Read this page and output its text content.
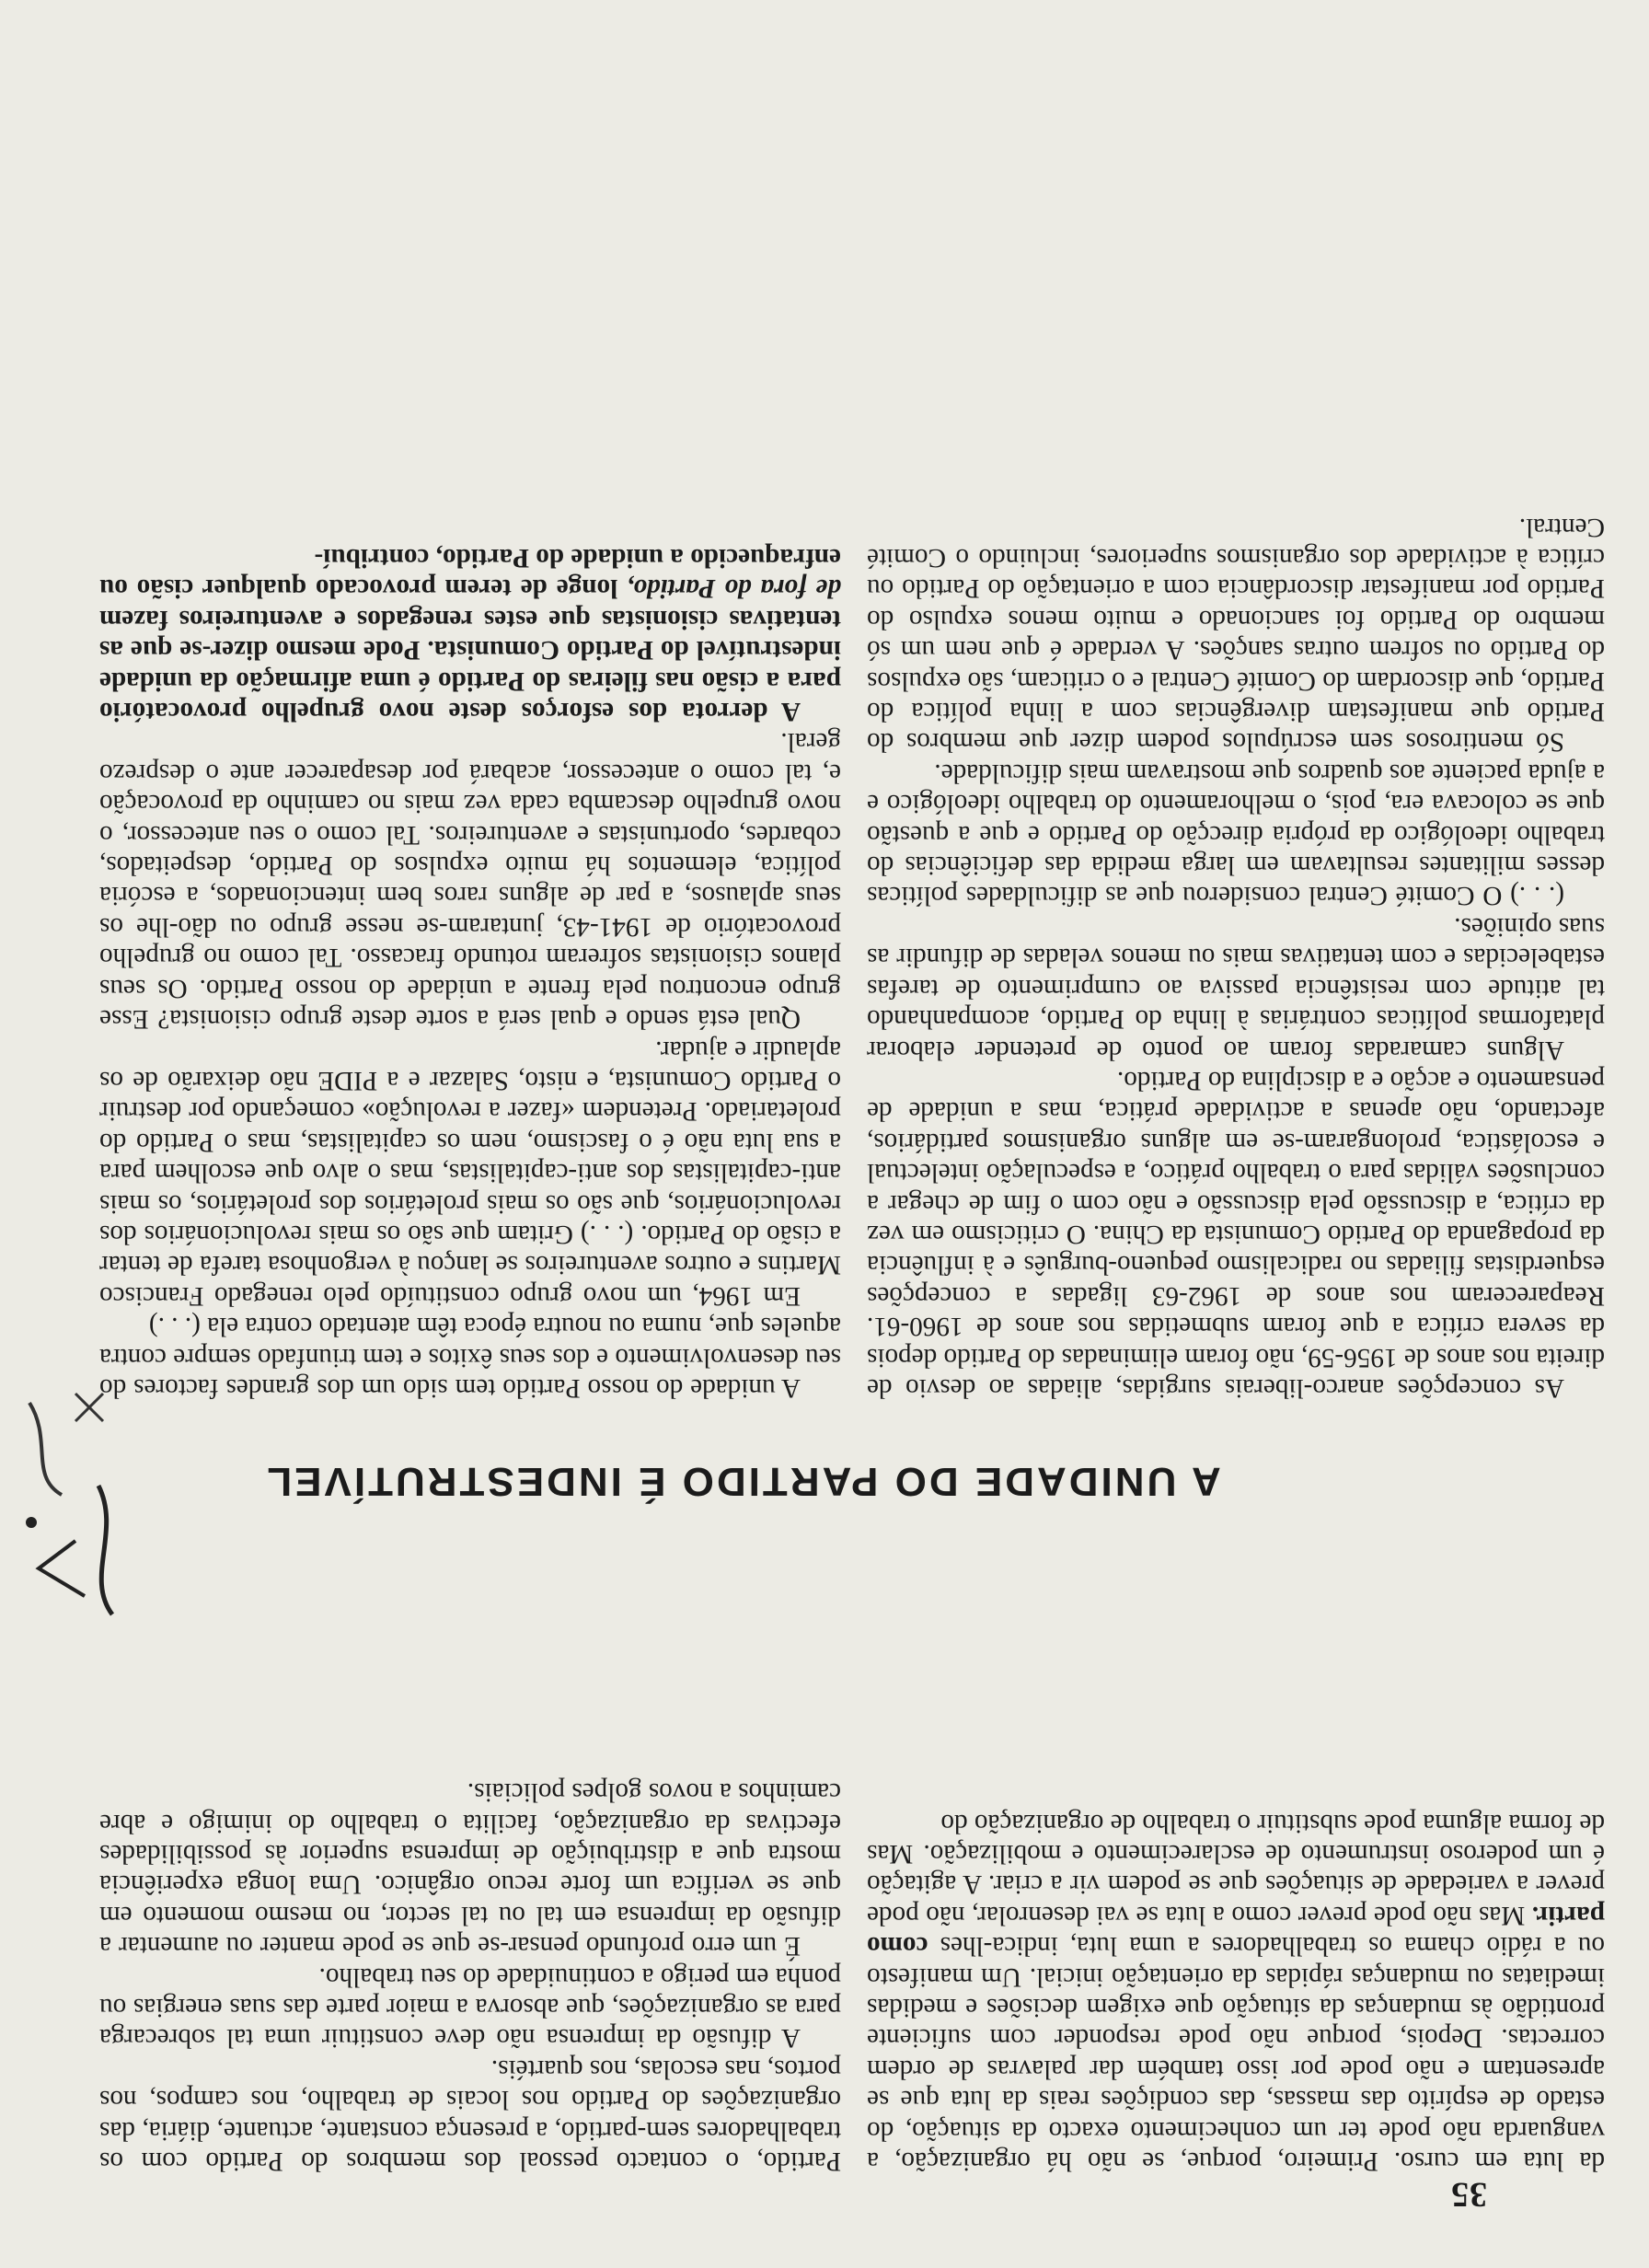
35

da luta em curso. Primeiro, porque, se não há organização, a vanguarda não pode ter um conhecimento exacto da situação, do estado de espírito das massas, das condições reais da luta que se apresentam e não pode por isso também dar palavras de ordem correctas. Depois, porque não pode responder com suficiente prontidão às mudanças da situação que exigem decisões e medidas imediatas ou mudanças rápidas da orientação inicial. Um manifesto ou a rádio chama os trabalhadores a uma luta, indica-lhes como partir. Mas não pode prever como a luta se vai desenrolar, não pode prever a variedade de situações que se podem vir a criar. A agitação é um poderoso instrumento de esclarecimento e mobilização. Mas de forma alguma pode substituir o trabalho de organização do

Partido, o contacto pessoal dos membros do Partido com os trabalhadores sem-partido, a presença constante, actuante, diária, das organizações do Partido nos locais de trabalho, nos campos, nos portos, nas escolas, nos quartéis.

A difusão da imprensa não deve constituir uma tal sobrecarga para as organizações, que absorva a maior parte das suas energias ou ponha em perigo a continuidade do seu trabalho.

É um erro profundo pensar-se que se pode manter ou aumentar a difusão da imprensa em tal ou tal sector, no mesmo momento em que se verifica um forte recuo orgânico. Uma longa experiência mostra que a distribuição de imprensa superior às possibilidades efectivas da organização, facilita o trabalho do inimigo e abre caminhos a novos golpes policiais.

A UNIDADE DO PARTIDO É INDESTRUTÍVEL

As concepções anarco-liberais surgidas, aliadas ao desvio de direita nos anos de 1956-59, não foram eliminadas do Partido depois da severa crítica a que foram submetidas nos anos de 1960-61. Reapareceram nos anos de 1962-63 ligadas a concepções esquerdistas filiadas no radicalismo pequeno-burguês e à influência da propaganda do Partido Comunista da China. O criticismo em vez da crítica, a discussão pela discussão e não com o fim de chegar a conclusões válidas para o trabalho prático, a especulação intelectual e escolástica, prolongaram-se em alguns organismos partidários, afectando, não apenas a actividade prática, mas a unidade de pensamento e acção e a disciplina do Partido.

Alguns camaradas foram ao ponto de pretender elaborar plataformas políticas contrárias à linha do Partido, acompanhando tal atitude com resistência passiva ao cumprimento de tarefas estabelecidas e com tentativas mais ou menos veladas de difundir as suas opiniões.

(. . .) O Comité Central considerou que as dificuldades políticas desses militantes resultavam em larga medida das deficiências do trabalho ideológico da própria direcção do Partido e que a questão que se colocava era, pois, o melhoramento do trabalho ideológico e a ajuda paciente aos quadros que mostravam mais dificuldade.

Só mentirosos sem escrúpulos podem dizer que membros do Partido que manifestam divergências com a linha política do Partido, que discordam do Comité Central e o criticam, são expulsos do Partido ou sofrem outras sanções. A verdade é que nem um só membro do Partido foi sancionado e muito menos expulso do Partido por manifestar discordância com a orientação do Partido ou crítica à actividade dos organismos superiores, incluindo o Comité Central.

A unidade do nosso Partido tem sido um dos grandes factores do seu desenvolvimento e dos seus êxitos e tem triunfado sempre contra aqueles que, numa ou noutra época têm atentado contra ela (. . .)

Em 1964, um novo grupo constituído pelo renegado Francisco Martins e outros aventureiros se lançou à vergonhosa tarefa de tentar a cisão do Partido. (. . .) Gritam que são os mais revolucionários dos revolucionários, que são os mais proletários dos proletários, os mais anti-capitalistas dos anti-capitalistas, mas o alvo que escolhem para a sua luta não é o fascismo, nem os capitalistas, mas o Partido do proletariado. Pretendem «fazer a revolução» começando por destruir o Partido Comunista, e nisto, Salazar e a PIDE não deixarão de os aplaudir e ajudar.

Qual está sendo e qual será a sorte deste grupo cisionista? Esse grupo encontrou pela frente a unidade do nosso Partido. Os seus planos cisionistas sofreram rotundo fracasso. Tal como no grupelho provocatório de 1941-43, juntaram-se nesse grupo ou dão-lhe os seus aplausos, a par de alguns raros bem intencionados, a escória política, elementos há muito expulsos do Partido, despeitados, cobardes, oportunistas e aventureiros. Tal como o seu antecessor, o novo grupelho descamba cada vez mais no caminho da provocação e, tal como o antecessor, acabará por desaparecer ante o desprezo geral.

A derrota dos esforços deste novo grupelho provocatório para a cisão nas fileiras do Partido é uma afirmação da unidade indestrutível do Partido Comunista. Pode mesmo dizer-se que as tentativas cisionistas que estes renegados e aventureiros fazem de fora do Partido, longe de terem provocado qualquer cisão ou enfraquecido a unidade do Partido, contribuí-
